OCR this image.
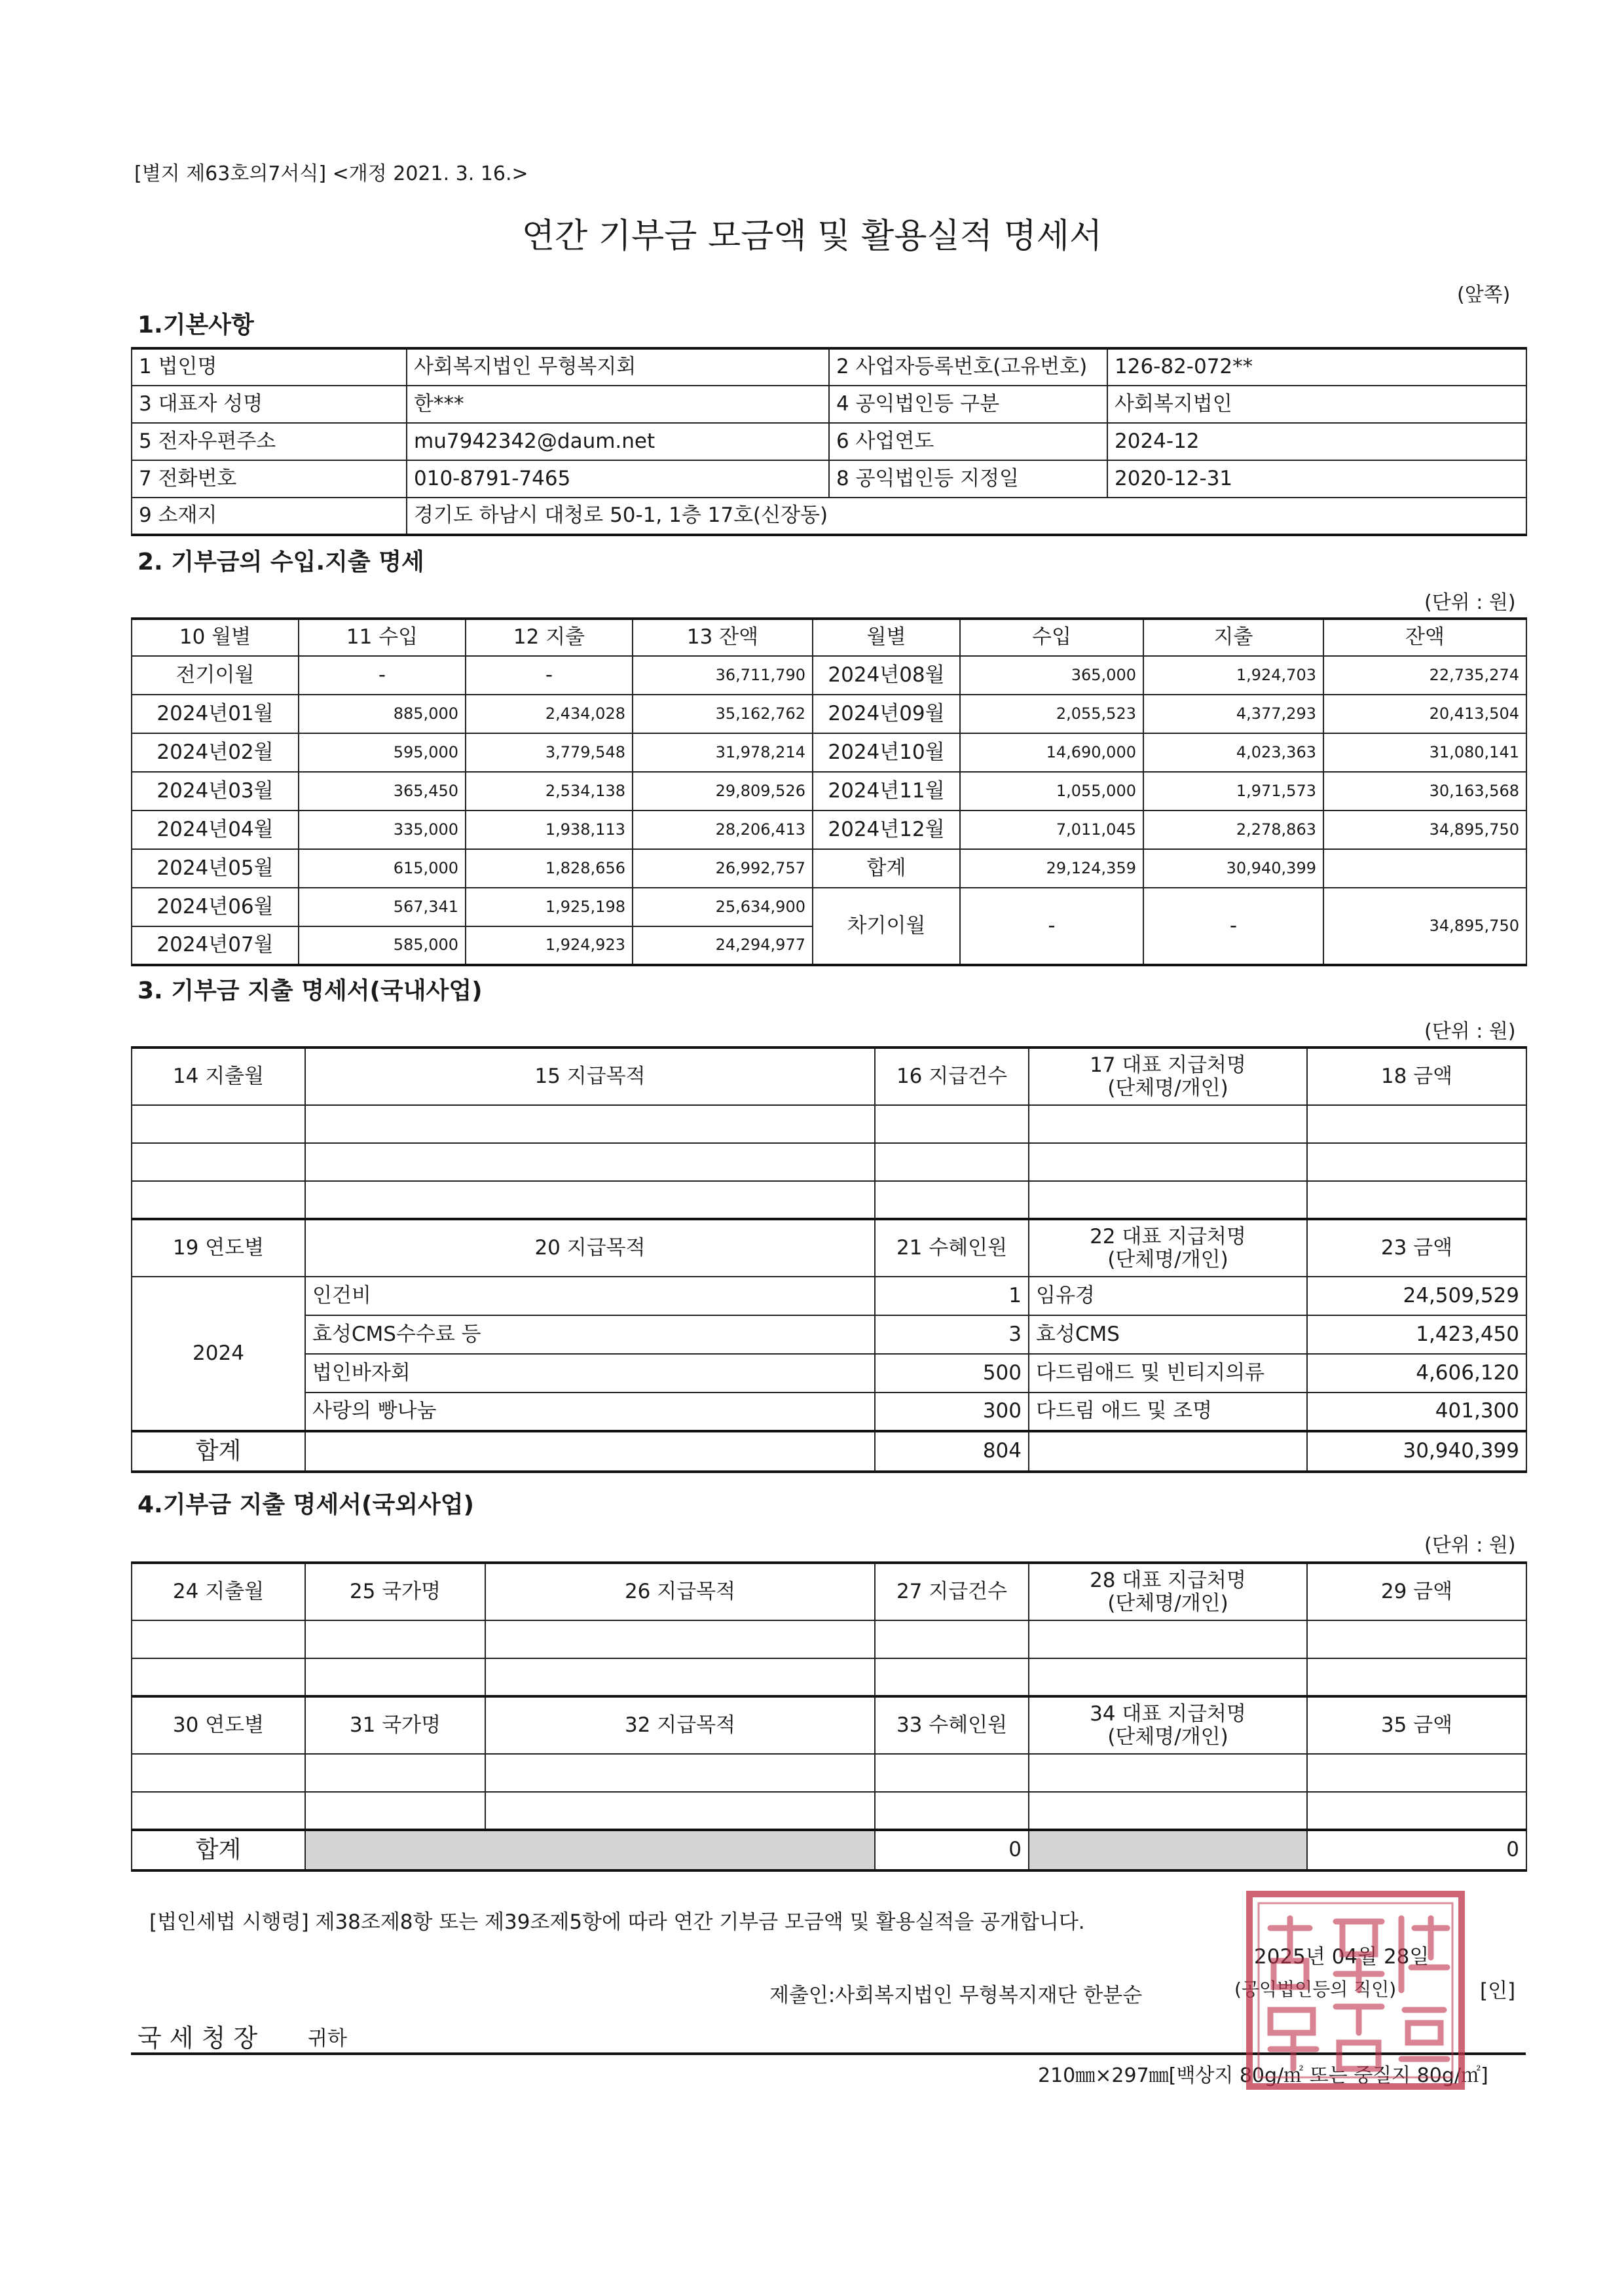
[별지 제63호의7서식] <개정 2021. 3. 16.>
연간 기부금 모금액 및 활용실적 명세서
(앞쪽)
1.기본사항
1 법인명	사회복지법인 무형복지회	2 사업자등록번호(고유번호)	126-82-072**
3 대표자 성명	한***	4 공익법인등 구분	사회복지법인
5 전자우편주소	mu7942342@daum.net	6 사업연도	2024-12
7 전화번호	010-8791-7465	8 공익법인등 지정일	2020-12-31
9 소재지	경기도 하남시 대청로 50-1, 1층 17호(신장동)		
2. 기부금의 수입.지출 명세
(단위 : 원)
10 월별	11 수입	12 지출	13 잔액	월별	수입	지출	잔액
전기이월	-	-	36,711,790	2024년08월	365,000	1,924,703	22,735,274
2024년01월	885,000	2,434,028	35,162,762	2024년09월	2,055,523	4,377,293	20,413,504
2024년02월	595,000	3,779,548	31,978,214	2024년10월	14,690,000	4,023,363	31,080,141
2024년03월	365,450	2,534,138	29,809,526	2024년11월	1,055,000	1,971,573	30,163,568
2024년04월	335,000	1,938,113	28,206,413	2024년12월	7,011,045	2,278,863	34,895,750
2024년05월	615,000	1,828,656	26,992,757	합계	29,124,359	30,940,399	
2024년06월	567,341	1,925,198	25,634,900	차기이월	-	-	34,895,750
2024년07월	585,000	1,924,923	24,294,977				
3. 기부금 지출 명세서(국내사업)
(단위 : 원)
14 지출월	15 지급목적	16 지급건수	17 대표 지급처명
(단체명/개인)	18 금액

19 연도별	20 지급목적	21 수혜인원	22 대표 지급처명
(단체명/개인)	23 금액
2024	인건비	1	임유경	24,509,529
	효성CMS수수료 등	3	효성CMS	1,423,450
	법인바자회	500	다드림애드 및 빈티지의류	4,606,120
	사랑의 빵나눔	300	다드림 애드 및 조명	401,300
합계		804		30,940,399
4.기부금 지출 명세서(국외사업)
(단위 : 원)
24 지출월	25 국가명	26 지급목적	27 지급건수	28 대표 지급처명
(단체명/개인)	29 금액

30 연도별	31 국가명	32 지급목적	33 수혜인원	34 대표 지급처명
(단체명/개인)	35 금액

합계			0		0
[법인세법 시행령] 제38조제8항 또는 제39조제5항에 따라 연간 기부금 모금액 및 활용실적을 공개합니다.
2025년 04월 28일
제출인:사회복지법인 무형복지재단 한분순	(공익법인등의 직인)	[인]
국 세 청 장 귀하
210㎜×297㎜[백상지 80g/㎡ 또는 중질지 80g/㎡]
